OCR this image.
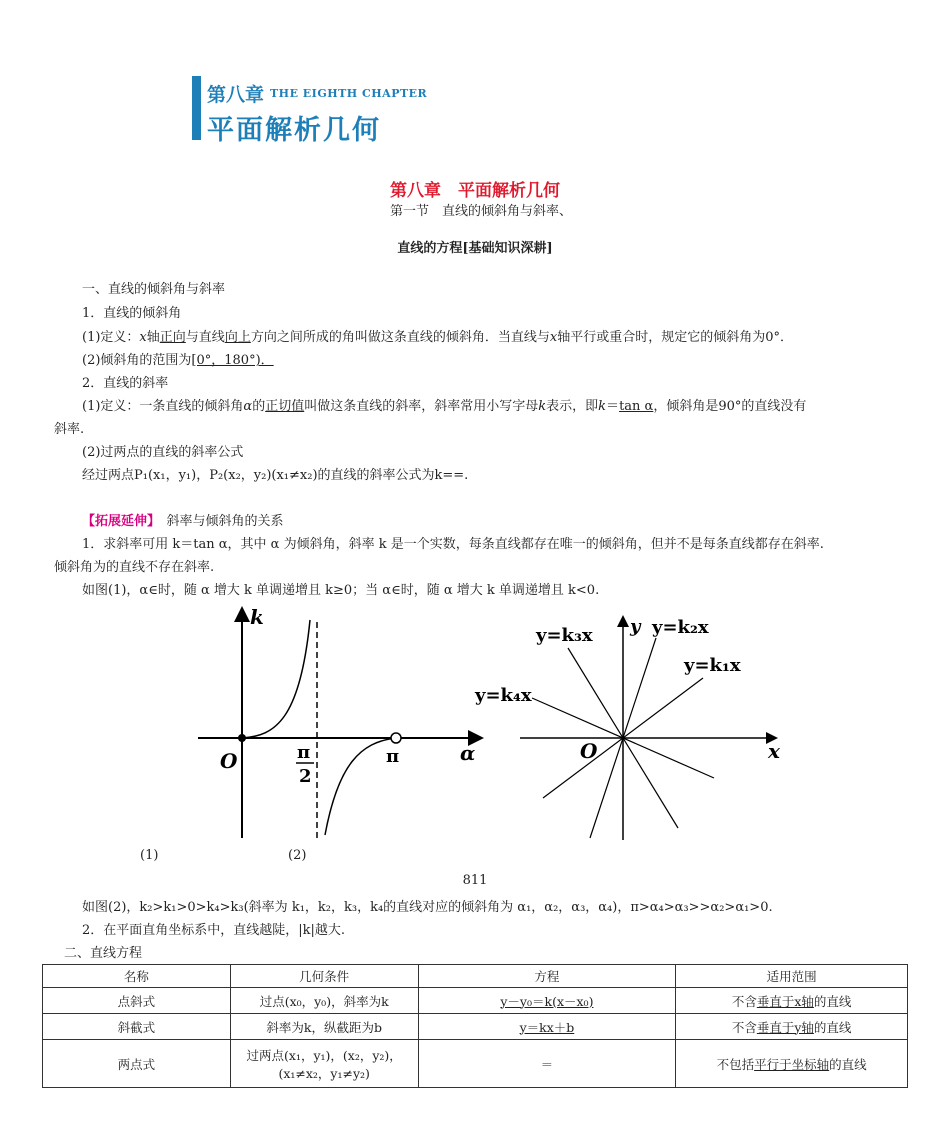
第八章 THE EIGHTH CHAPTER
平面解析几何
第八章　平面解析几何
第一节　直线的倾斜角与斜率、
直线的方程[基础知识深耕]
一、直线的倾斜角与斜率
1．直线的倾斜角
(1)定义：x轴正向与直线向上方向之间所成的角叫做这条直线的倾斜角．当直线与x轴平行或重合时，规定它的倾斜角为0°．
(2)倾斜角的范围为[0°，180°)．
2．直线的斜率
(1)定义：一条直线的倾斜角α的正切值叫做这条直线的斜率，斜率常用小写字母k表示，即k＝tan α，倾斜角是90°的直线没有
斜率.
(2)过两点的直线的斜率公式
经过两点P₁(x₁，y₁)，P₂(x₂，y₂)(x₁≠x₂)的直线的斜率公式为k==.
【拓展延伸】　 斜率与倾斜角的关系
1．求斜率可用 k＝tan α，其中 α 为倾斜角，斜率 k 是一个实数，每条直线都存在唯一的倾斜角，但并不是每条直线都存在斜率.
倾斜角为的直线不存在斜率.
如图(1)，α∈时，随 α 增大 k 单调递增且 k≥0；当 α∈时，随 α 增大 k 单调递增且 k<0.
k
O	π
2
π	α
y=k₃x	y=k₂x
y=k₁x
y=k₄x
y
O	x
(1)	(2)
811
如图(2)，k₂>k₁>0>k₄>k₃(斜率为 k₁，k₂，k₃，k₄的直线对应的倾斜角为 α₁，α₂，α₃，α₄)，π>α₄>α₃>>α₂>α₁>0.
2．在平面直角坐标系中，直线越陡，|k|越大.
二、直线方程
名称	几何条件	方程	适用范围
点斜式	过点(x₀，y₀)，斜率为k	y－y₀＝k(x－x₀)	不含垂直于x轴的直线
斜截式	斜率为k，纵截距为b	y＝kx＋b	不含垂直于y轴的直线
两点式	过两点(x₁，y₁)，(x₂，y₂)，
(x₁≠x₂，y₁≠y₂)	＝	不包括平行于坐标轴的直线
